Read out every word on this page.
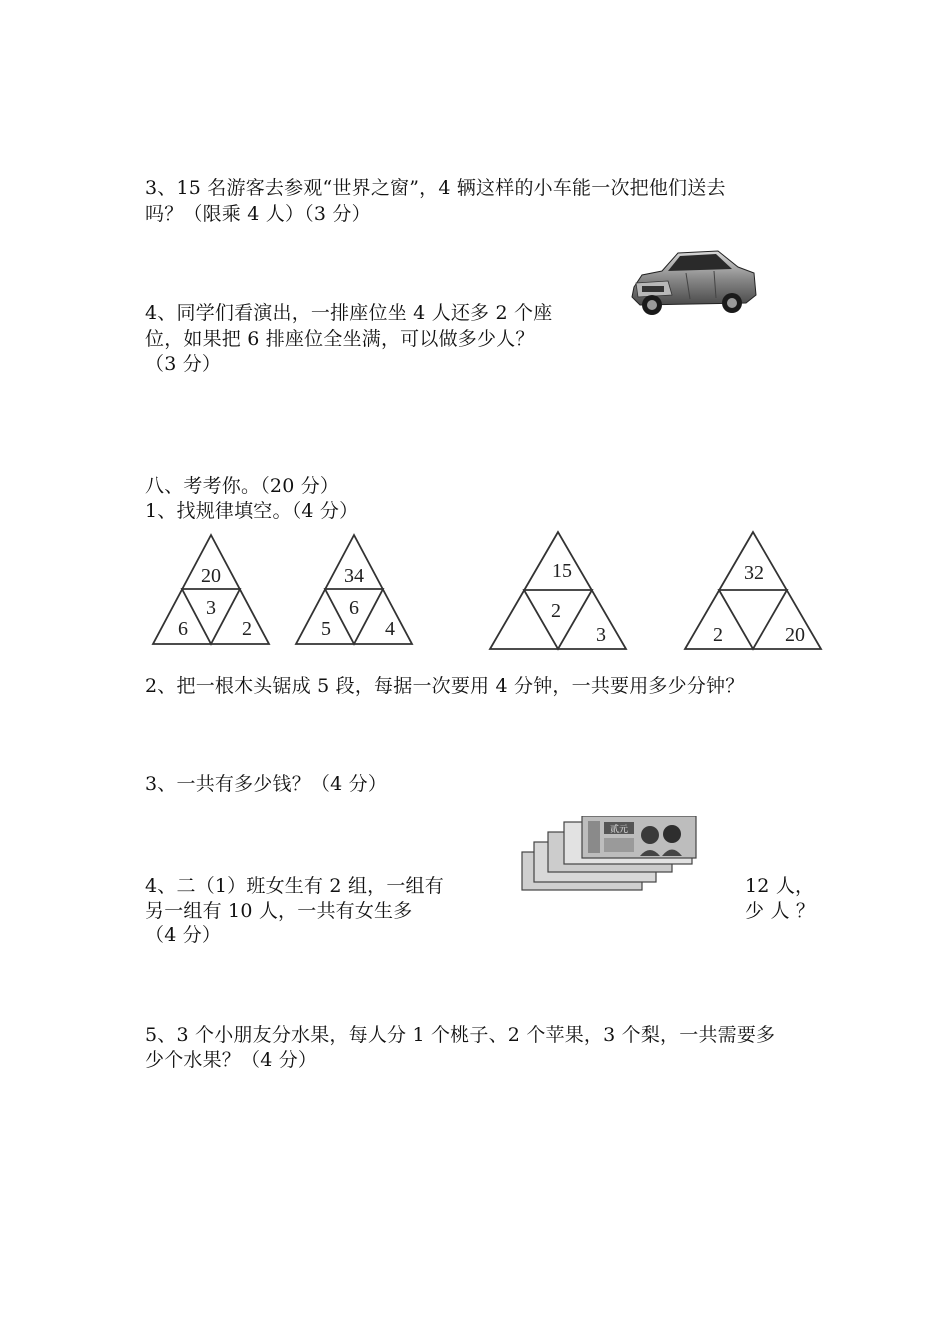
3、15 名游客去参观“世界之窗”，4 辆这样的小车能一次把他们送去
吗？（限乘 4 人）（3 分）
4、同学们看演出，一排座位坐 4 人还多 2 个座
位，如果把 6 排座位全坐满，可以做多少人？
（3 分）
八、考考你。（20 分）
1、找规律填空。（4 分）
20
3
6	2
34
6
5	4
15
2
3
32
2	20
2、把一根木头锯成 5 段，每据一次要用 4 分钟，一共要用多少分钟？
3、一共有多少钱？（4 分）
贰元
4、二（1）班女生有 2 组，一组有	12 人，
另一组有 10 人，一共有女生多	少 人 ？
（4 分）
5、3 个小朋友分水果，每人分 1 个桃子、2 个苹果，3 个梨，一共需要多
少个水果？（4 分）
